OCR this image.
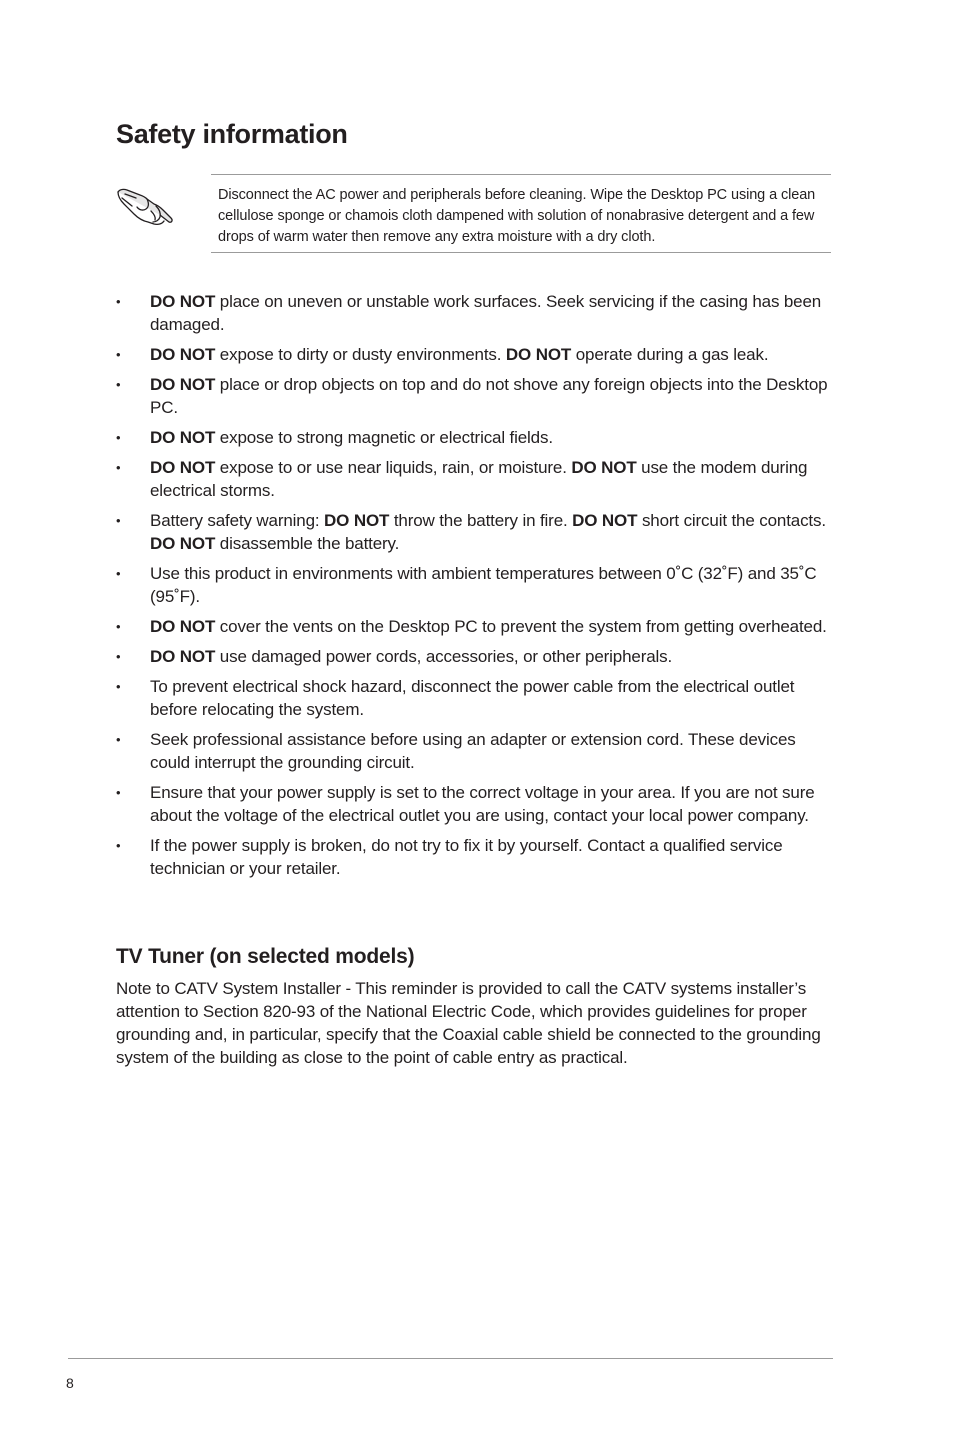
Safety information

Disconnect the AC power and peripherals before cleaning. Wipe the Desktop PC using a clean cellulose sponge or chamois cloth dampened with solution of nonabrasive detergent and a few drops of warm water then remove any extra moisture with a dry cloth.

• DO NOT place on uneven or unstable work surfaces. Seek servicing if the casing has been damaged.
• DO NOT expose to dirty or dusty environments. DO NOT operate during a gas leak.
• DO NOT place or drop objects on top and do not shove any foreign objects into the Desktop PC.
• DO NOT expose to strong magnetic or electrical fields.
• DO NOT expose to or use near liquids, rain, or moisture. DO NOT use the modem during electrical storms.
• Battery safety warning: DO NOT throw the battery in fire. DO NOT short circuit the contacts. DO NOT disassemble the battery.
• Use this product in environments with ambient temperatures between 0˚C (32˚F) and 35˚C (95˚F).
• DO NOT cover the vents on the Desktop PC to prevent the system from getting overheated.
• DO NOT use damaged power cords, accessories, or other peripherals.
• To prevent electrical shock hazard, disconnect the power cable from the electrical outlet before relocating the system.
• Seek professional assistance before using an adapter or extension cord. These devices could interrupt the grounding circuit.
• Ensure that your power supply is set to the correct voltage in your area. If you are not sure about the voltage of the electrical outlet you are using, contact your local power company.
• If the power supply is broken, do not try to fix it by yourself. Contact a qualified service technician or your retailer.
TV Tuner (on selected models)

Note to CATV System Installer - This reminder is provided to call the CATV systems installer’s attention to Section 820-93 of the National Electric Code, which provides guidelines for proper grounding and, in particular, specify that the Coaxial cable shield be connected to the grounding system of the building as close to the point of cable entry as practical.

8
